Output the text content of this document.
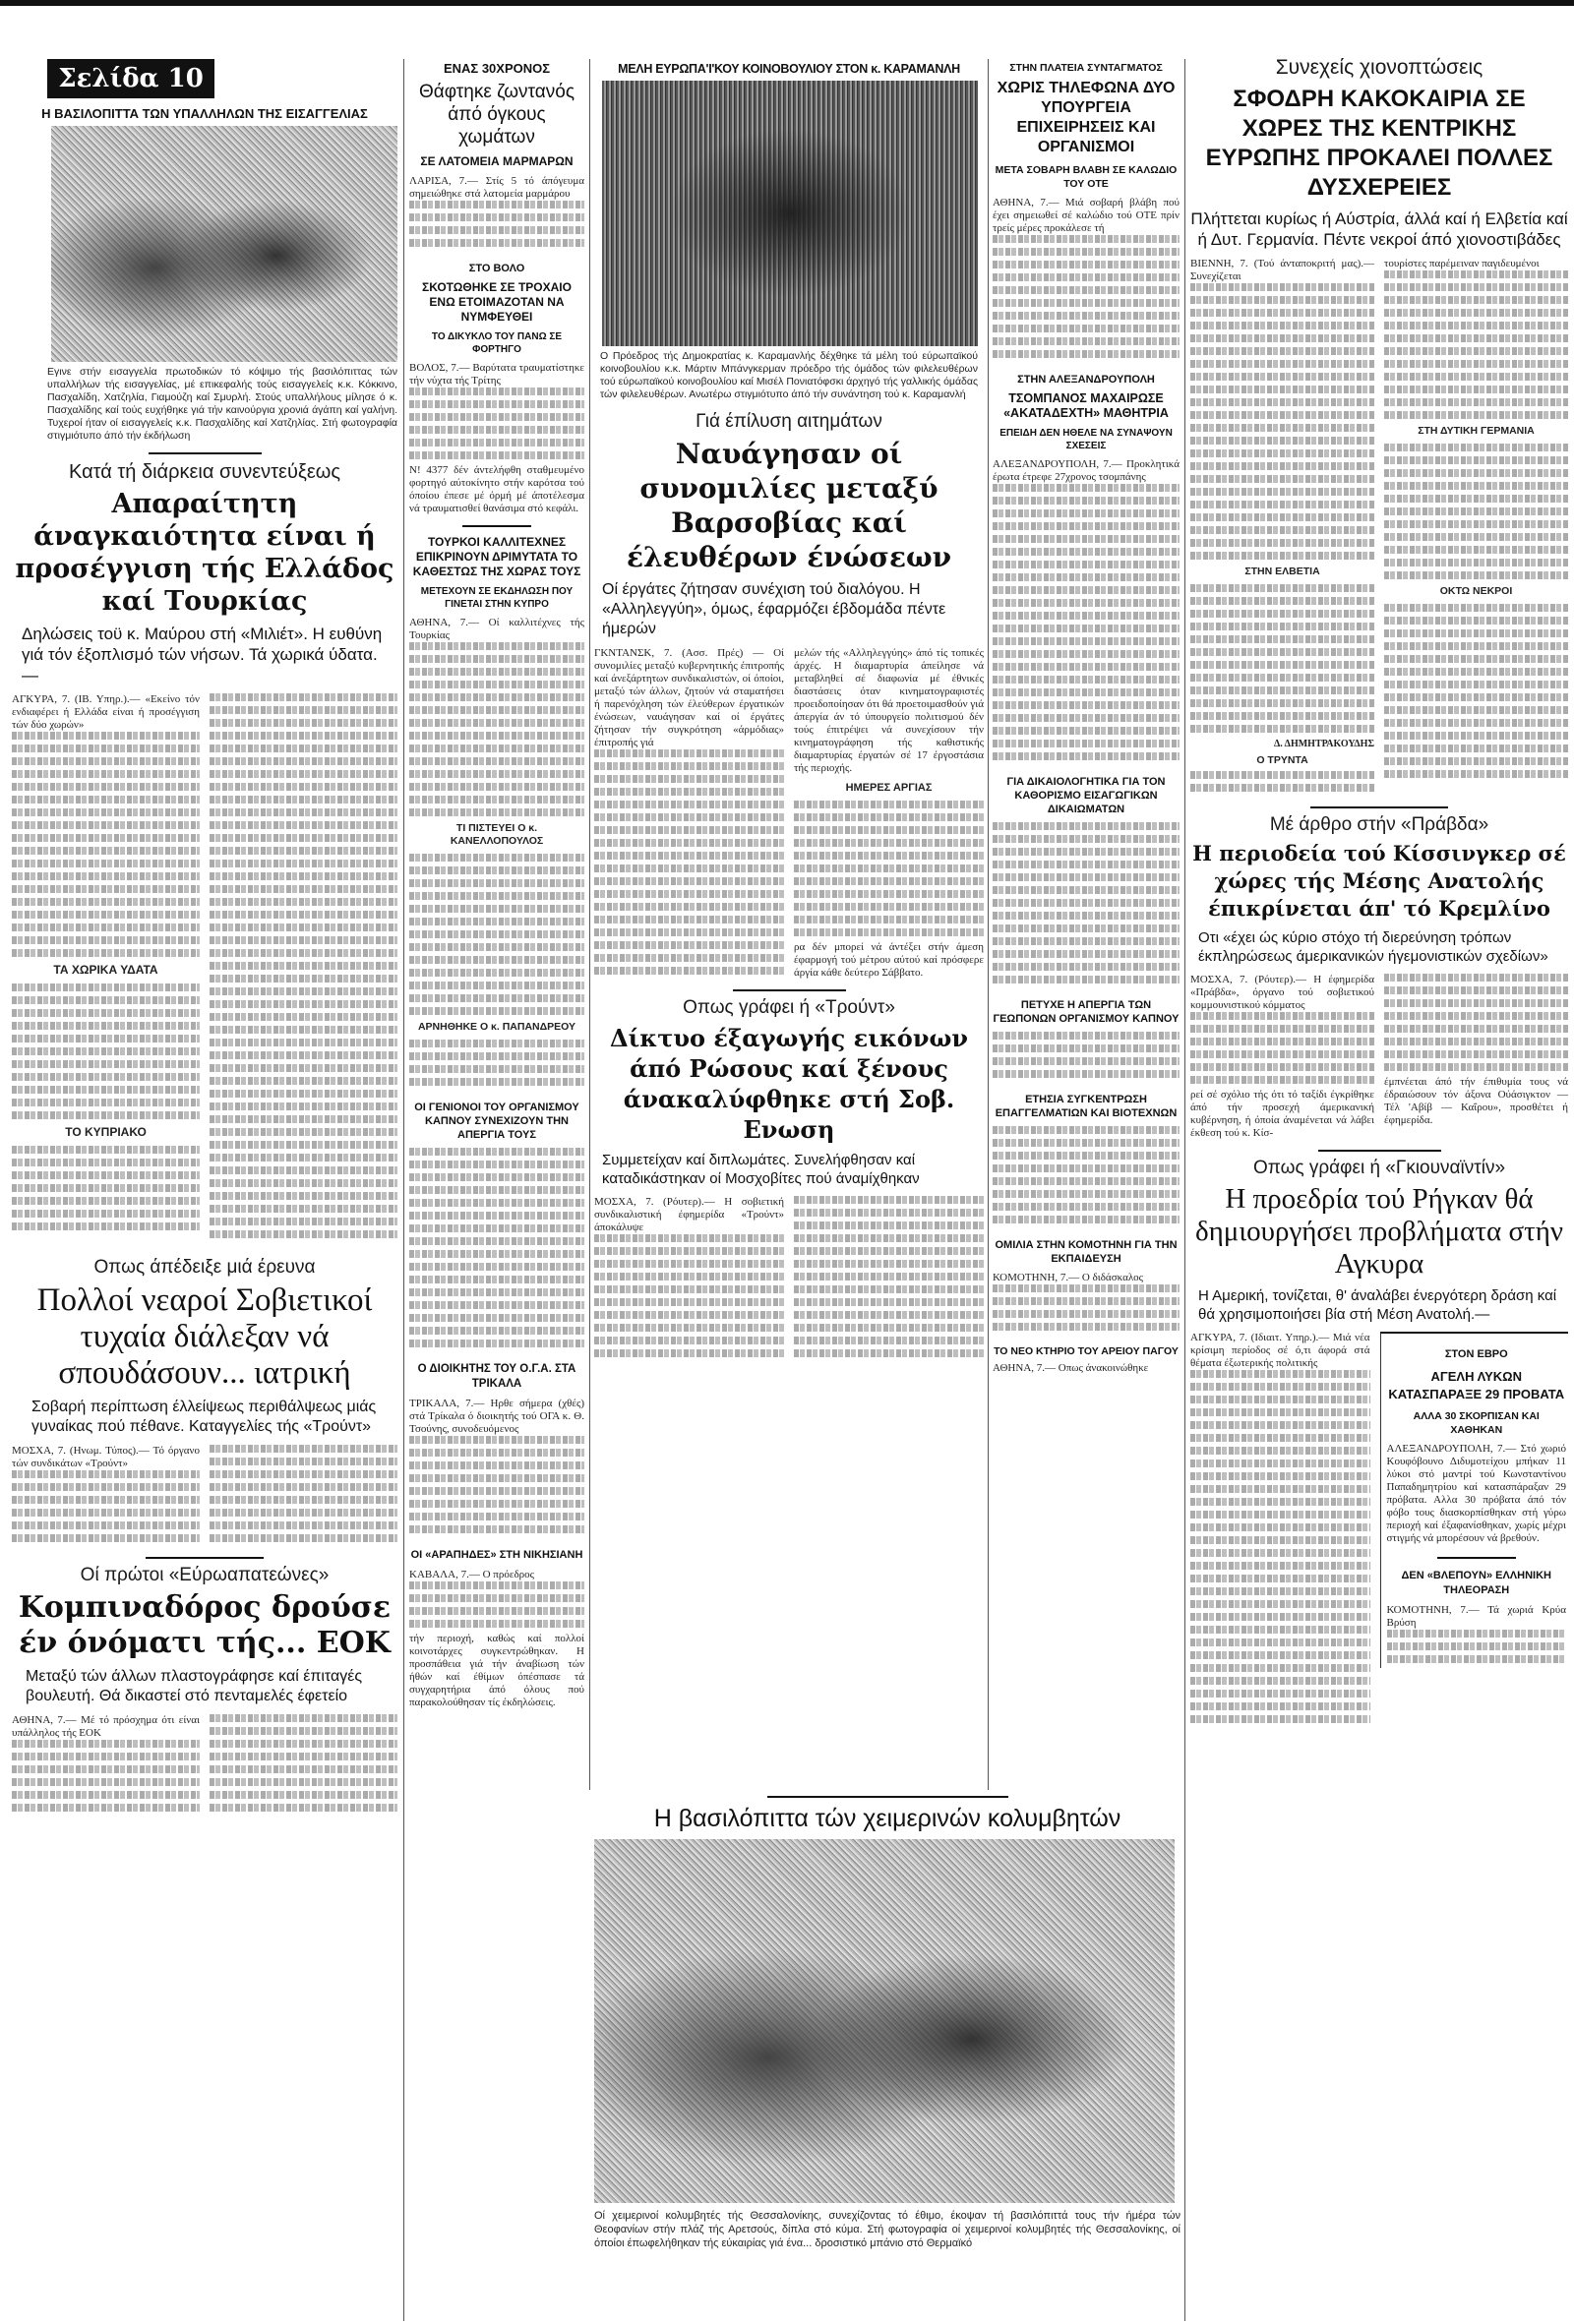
Σελίδα 10
Η ΒΑΣΙΛΟΠΙΤΤΑ ΤΩΝ ΥΠΑΛΛΗΛΩΝ ΤΗΣ ΕΙΣΑΓΓΕΛΙΑΣ
Εγινε στήν εισαγγελία πρωτοδικών τό κόψιμο τής βασιλόπιττας τών υπαλλήλων τής εισαγγελίας, μέ επικεφαλής τούς εισαγγελείς κ.κ. Κόκκινο, Πασχαλίδη, Χατζηλία, Γιαμούζη καί Σμυρλή. Στούς υπαλλήλους μίλησε ό κ. Πασχαλίδης καί τούς ευχήθηκε γιά τήν καινούργια χρονιά άγάπη καί γαλήνη. Τυχεροί ήταν οί εισαγγελείς κ.κ. Πασχαλίδης καί Χατζηλίας. Στή φωτογραφία στιγμιότυπο άπό τήν έκδήλωση
Κατά τή διάρκεια συνεντεύξεως
Απαραίτητη άναγκαιότητα είναι ή προσέγγιση τής Ελλάδος καί Τουρκίας
Δηλώσεις τοϋ κ. Μαύρου στή «Μιλιέτ». Η ευθύνη γιά τόν έξοπλισμό τών νήσων. Τά χωρικά ύδατα.—
ΑΓΚΥΡΑ, 7. (ΙΒ. Υπηρ.).— «Εκείνο τόν ενδιαφέρει ή Ελλάδα είναι ή προσέγγιση τών δύο χωρών»
ΤΑ ΧΩΡΙΚΑ ΥΔΑΤΑ
ΤΟ ΚΥΠΡΙΑΚΟ
Οπως άπέδειξε μιά έρευνα
Πολλοί νεαροί Σοβιετικοί τυχαία διάλεξαν νά σπουδάσουν... ιατρική
Σοβαρή περίπτωση έλλείψεως περιθάλψεως μιάς γυναίκας πού πέθανε. Καταγγελίες τής «Τρούντ»
ΜΟΣΧΑ, 7. (Ηνωμ. Τύπος).— Τό όργανο τών συνδικάτων «Τρούντ»
Οί πρώτοι «Εύρωαπατεώνες»
Κομπιναδόρος δρούσε έν όνόματι τής... ΕΟΚ
Μεταξύ τών άλλων πλαστογράφησε καί έπιταγές βουλευτή. Θά δικαστεί στό πενταμελές έφετείο
ΑΘΗΝΑ, 7.— Μέ τό πρόσχημα ότι είναι υπάλληλος τής ΕΟΚ
ΕΝΑΣ 30ΧΡΟΝΟΣ
Θάφτηκε ζωντανός άπό όγκους χωμάτων
ΣΕ ΛΑΤΟΜΕΙΑ ΜΑΡΜΑΡΩΝ
ΛΑΡΙΣΑ, 7.— Στίς 5 τό άπόγευμα σημειώθηκε στά λατομεία μαρμάρου
ΣΤΟ ΒΟΛΟ
ΣΚΟΤΩΘΗΚΕ ΣΕ ΤΡΟΧΑΙΟ ΕΝΩ ΕΤΟΙΜΑΖΟΤΑΝ ΝΑ ΝΥΜΦΕΥΘΕΙ
ΤΟ ΔΙΚΥΚΛΟ ΤΟΥ ΠΑΝΩ ΣΕ ΦΟΡΤΗΓΟ
ΒΟΛΟΣ, 7.— Βαρύτατα τραυματίστηκε τήν νύχτα τής Τρίτης
Ν! 4377 δέν άντελήφθη σταθμευμένο φορτηγό αύτοκίνητο στήν καρότσα τού όποίου έπεσε μέ όρμή μέ άποτέλεσμα νά τραυματισθεί θανάσιμα στό κεφάλι.
ΤΟΥΡΚΟΙ ΚΑΛΛΙΤΕΧΝΕΣ ΕΠΙΚΡΙΝΟΥΝ ΔΡΙΜΥΤΑΤΑ ΤΟ ΚΑΘΕΣΤΩΣ ΤΗΣ ΧΩΡΑΣ ΤΟΥΣ
ΜΕΤΕΧΟΥΝ ΣΕ ΕΚΔΗΛΩΣΗ ΠΟΥ ΓΙΝΕΤΑΙ ΣΤΗΝ ΚΥΠΡΟ
ΑΘΗΝΑ, 7.— Οί καλλιτέχνες τής Τουρκίας
ΤΙ ΠΙΣΤΕΥΕΙ Ο κ. ΚΑΝΕΛΛΟΠΟΥΛΟΣ
ΑΡΝΗΘΗΚΕ Ο κ. ΠΑΠΑΝΔΡΕΟΥ
ΟΙ ΓΕΝΙΟΝΟΙ ΤΟΥ ΟΡΓΑΝΙΣΜΟΥ ΚΑΠΝΟΥ ΣΥΝΕΧΙΖΟΥΝ ΤΗΝ ΑΠΕΡΓΙΑ ΤΟΥΣ
Ο ΔΙΟΙΚΗΤΗΣ ΤΟΥ Ο.Γ.Α. ΣΤΑ ΤΡΙΚΑΛΑ
ΤΡΙΚΑΛΑ, 7.— Ηρθε σήμερα (χθές) στά Τρίκαλα ό διοικητής τού ΟΓΑ κ. Θ. Τσούνης, συνοδευόμενος
ΟΙ «ΑΡΑΠΗΔΕΣ» ΣΤΗ ΝΙΚΗΣΙΑΝΗ
ΚΑΒΑΛΑ, 7.— Ο πρόεδρος
τήν περιοχή, καθώς καί πολλοί κοινοτάρχες συγκεντρώθηκαν. Η προσπάθεια γιά τήν άναβίωση τών ήθών καί έθίμων όπέσπασε τά συγχαρητήρια άπό όλους πού παρακολούθησαν τίς έκδηλώσεις.
ΜΕΛΗ ΕΥΡΩΠΑ'Ι'ΚΟΥ ΚΟΙΝΟΒΟΥΛΙΟΥ ΣΤΟΝ κ. ΚΑΡΑΜΑΝΛΗ
Ο Πρόεδρος τής Δημοκρατίας κ. Καραμανλής δέχθηκε τά μέλη τού εύρωπαϊκού κοινοβουλίου κ.κ. Μάρτιν Μπάνγκερμαν πρόεδρο τής όμάδος τών φιλελευθέρων τού εύρωπαϊκού κοινοβουλίου καί Μισέλ Πονιατόφσκι άρχηγό τής γαλλικής όμάδας τών φιλελευθέρων. Ανωτέρω στιγμιότυπο άπό τήν συνάντηση τού κ. Καραμανλή
Γιά έπίλυση αιτημάτων
Ναυάγησαν οί συνομιλίες μεταξύ Βαρσοβίας καί έλευθέρων ένώσεων
Οί έργάτες ζήτησαν συνέχιση τού διαλόγου. Η «Αλληλεγγύη», όμως, έφαρμόζει έβδομάδα πέντε ήμερών
ΓΚΝΤΑΝΣΚ, 7. (Ασσ. Πρές) — Οί συνομιλίες μεταξύ κυβερνητικής έπιτροπής καί άνεξάρτητων συνδικαλιστών, οί όποίοι, μεταξύ τών άλλων, ζητούν νά σταματήσει ή παρενόχληση τών έλεύθερων έργατικών ένώσεων, ναυάγησαν καί οί έργάτες ζήτησαν τήν συγκρότηση «άρμόδιας» έπιτροπής γιά
μελών τής «Αλληλεγγύης» άπό τίς τοπικές άρχές. Η διαμαρτυρία άπείλησε νά μεταβληθεί σέ διαφωνία μέ έθνικές διαστάσεις όταν κινηματογραφιστές προειδοποίησαν ότι θά προετοιμασθούν γιά άπεργία άν τό ύπουργείο πολιτισμού δέν τούς έπιτρέψει νά συνεχίσουν τήν κινηματογράφηση τής καθιστικής διαμαρτυρίας έργατών σέ 17 έργοστάσια τής περιοχής.
ΗΜΕΡΕΣ ΑΡΓΙΑΣ
ρα δέν μπορεί νά άντέξει στήν άμεση έφαρμογή τού μέτρου αύτού καί πρόσφερε άργία κάθε δεύτερο Σάββατο.
Οπως γράφει ή «Τρούντ»
Δίκτυο έξαγωγής εικόνων άπό Ρώσους καί ξένους άνακαλύφθηκε στή Σοβ. Ενωση
Συμμετείχαν καί διπλωμάτες. Συνελήφθησαν καί καταδικάστηκαν οί Μοσχοβίτες πού άναμίχθηκαν
ΜΟΣΧΑ, 7. (Ρόυτερ).— Η σοβιετική συνδικαλιστική έφημερίδα «Τρούντ» άποκάλυψε
ΣΤΗΝ ΠΛΑΤΕΙΑ ΣΥΝΤΑΓΜΑΤΟΣ
ΧΩΡΙΣ ΤΗΛΕΦΩΝΑ ΔΥΟ ΥΠΟΥΡΓΕΙΑ ΕΠΙΧΕΙΡΗΣΕΙΣ ΚΑΙ ΟΡΓΑΝΙΣΜΟΙ
ΜΕΤΑ ΣΟΒΑΡΗ ΒΛΑΒΗ ΣΕ ΚΑΛΩΔΙΟ ΤΟΥ ΟΤΕ
ΑΘΗΝΑ, 7.— Μιά σοβαρή βλάβη πού έχει σημειωθεί σέ καλώδιο τού ΟΤΕ πρίν τρείς μέρες προκάλεσε τή
ΣΤΗΝ ΑΛΕΞΑΝΔΡΟΥΠΟΛΗ
ΤΣΟΜΠΑΝΟΣ ΜΑΧΑΙΡΩΣΕ «ΑΚΑΤΑΔΕΧΤΗ» ΜΑΘΗΤΡΙΑ
ΕΠΕΙΔΗ ΔΕΝ ΗΘΕΛΕ ΝΑ ΣΥΝΑΨΟΥΝ ΣΧΕΣΕΙΣ
ΑΛΕΞΑΝΔΡΟΥΠΟΛΗ, 7.— Προκλητικά έρωτα έτρεφε 27χρονος τσομπάνης
ΓΙΑ ΔΙΚΑΙΟΛΟΓΗΤΙΚΑ ΓΙΑ ΤΟΝ ΚΑΘΟΡΙΣΜΟ ΕΙΣΑΓΩΓΙΚΩΝ ΔΙΚΑΙΩΜΑΤΩΝ
ΠΕΤΥΧΕ Η ΑΠΕΡΓΙΑ ΤΩΝ ΓΕΩΠΟΝΩΝ ΟΡΓΑΝΙΣΜΟΥ ΚΑΠΝΟΥ
ΕΤΗΣΙΑ ΣΥΓΚΕΝΤΡΩΣΗ ΕΠΑΓΓΕΛΜΑΤΙΩΝ ΚΑΙ ΒΙΟΤΕΧΝΩΝ
ΟΜΙΛΙΑ ΣΤΗΝ ΚΟΜΟΤΗΝΗ ΓΙΑ ΤΗΝ ΕΚΠΑΙΔΕΥΣΗ
ΚΟΜΟΤΗΝΗ, 7.— Ο διδάσκαλος
ΤΟ ΝΕΟ ΚΤΗΡΙΟ ΤΟΥ ΑΡΕΙΟΥ ΠΑΓΟΥ
ΑΘΗΝΑ, 7.— Οπως άνακοινώθηκε
Η βασιλόπιττα τών χειμερινών κολυμβητών
Οί χειμερινοί κολυμβητές τής Θεσσαλονίκης, συνεχίζοντας τό έθιμο, έκοψαν τή βασιλόπιττά τους τήν ήμέρα τών Θεοφανίων στήν πλάζ τής Αρετσούς, δίπλα στό κύμα. Στή φωτογραφία οί χειμερινοί κολυμβητές τής Θεσσαλονίκης, οί όποίοι έπωφελήθηκαν τής εύκαιρίας γιά ένα... δροσιστικό μπάνιο στό Θερμαϊκό
Συνεχείς χιονοπτώσεις
ΣΦΟΔΡΗ ΚΑΚΟΚΑΙΡΙΑ ΣΕ ΧΩΡΕΣ ΤΗΣ ΚΕΝΤΡΙΚΗΣ ΕΥΡΩΠΗΣ ΠΡΟΚΑΛΕΙ ΠΟΛΛΕΣ ΔΥΣΧΕΡΕΙΕΣ
Πλήττεται κυρίως ή Αύστρία, άλλά καί ή Ελβετία καί ή Δυτ. Γερμανία. Πέντε νεκροί άπό χιονοστιβάδες
ΒΙΕΝΝΗ, 7. (Τού άνταποκριτή μας).— Συνεχίζεται
ΣΤΗΝ ΕΛΒΕΤΙΑ
Δ. ΔΗΜΗΤΡΑΚΟΥΔΗΣ
Ο ΤΡΥΝΤΑ
τουρίστες παρέμειναν παγιδευμένοι
ΣΤΗ ΔΥΤΙΚΗ ΓΕΡΜΑΝΙΑ
ΟΚΤΩ ΝΕΚΡΟΙ
Μέ άρθρο στήν «Πράβδα»
Η περιοδεία τού Κίσσινγκερ σέ χώρες τής Μέσης Ανατολής έπικρίνεται άπ' τό Κρεμλίνο
Οτι «έχει ώς κύριο στόχο τή διερεύνηση τρόπων έκπληρώσεως άμερικανικών ήγεμονιστικών σχεδίων»
ΜΟΣΧΑ, 7. (Ρόυτερ).— Η έφημερίδα «Πράβδα», όργανο τού σοβιετικού κομμουνιστικού κόμματος
ρεί σέ σχόλιο τής ότι τό ταξίδι έγκρίθηκε άπό τήν προσεχή άμερικανική κυβέρνηση, ή όποία άναμένεται νά λάβει έκθεση τού κ. Κίσ-
έμπνέεται άπό τήν έπιθυμία τους νά έδραιώσουν τόν άξονα Ούάσιγκτον — Τέλ 'Αβίβ — Καΐρου», προσθέτει ή έφημερίδα.
Οπως γράφει ή «Γκιουναϊντίν»
Η προεδρία τού Ρήγκαν θά δημιουργήσει προβλήματα στήν Αγκυρα
Η Αμερική, τονίζεται, θ' άναλάβει ένεργότερη δράση καί θά χρησιμοποιήσει βία στή Μέση Ανατολή.—
ΑΓΚΥΡΑ, 7. (Ιδιαιτ. Υπηρ.).— Μιά νέα κρίσιμη περίοδος σέ ό,τι άφορά στά θέματα έξωτερικής πολιτικής
ΣΤΟΝ ΕΒΡΟ
ΑΓΕΛΗ ΛΥΚΩΝ ΚΑΤΑΣΠΑΡΑΞΕ 29 ΠΡΟΒΑΤΑ
ΑΛΛΑ 30 ΣΚΟΡΠΙΣΑΝ ΚΑΙ ΧΑΘΗΚΑΝ
ΑΛΕΞΑΝΔΡΟΥΠΟΛΗ, 7.— Στό χωριό Κουφόβουνο Διδυμοτείχου μπήκαν 11 λύκοι στό μαντρί τού Κωνσταντίνου Παπαδημητρίου καί κατασπάραξαν 29 πρόβατα. Αλλα 30 πρόβατα άπό τόν φόβο τους διασκορπίσθηκαν στή γύρω περιοχή καί έξαφανίσθηκαν, χωρίς μέχρι στιγμής νά μπορέσουν νά βρεθούν.
ΔΕΝ «ΒΛΕΠΟΥΝ» ΕΛΛΗΝΙΚΗ ΤΗΛΕΟΡΑΣΗ
ΚΟΜΟΤΗΝΗ, 7.— Τά χωριά Κρύα Βρύση
